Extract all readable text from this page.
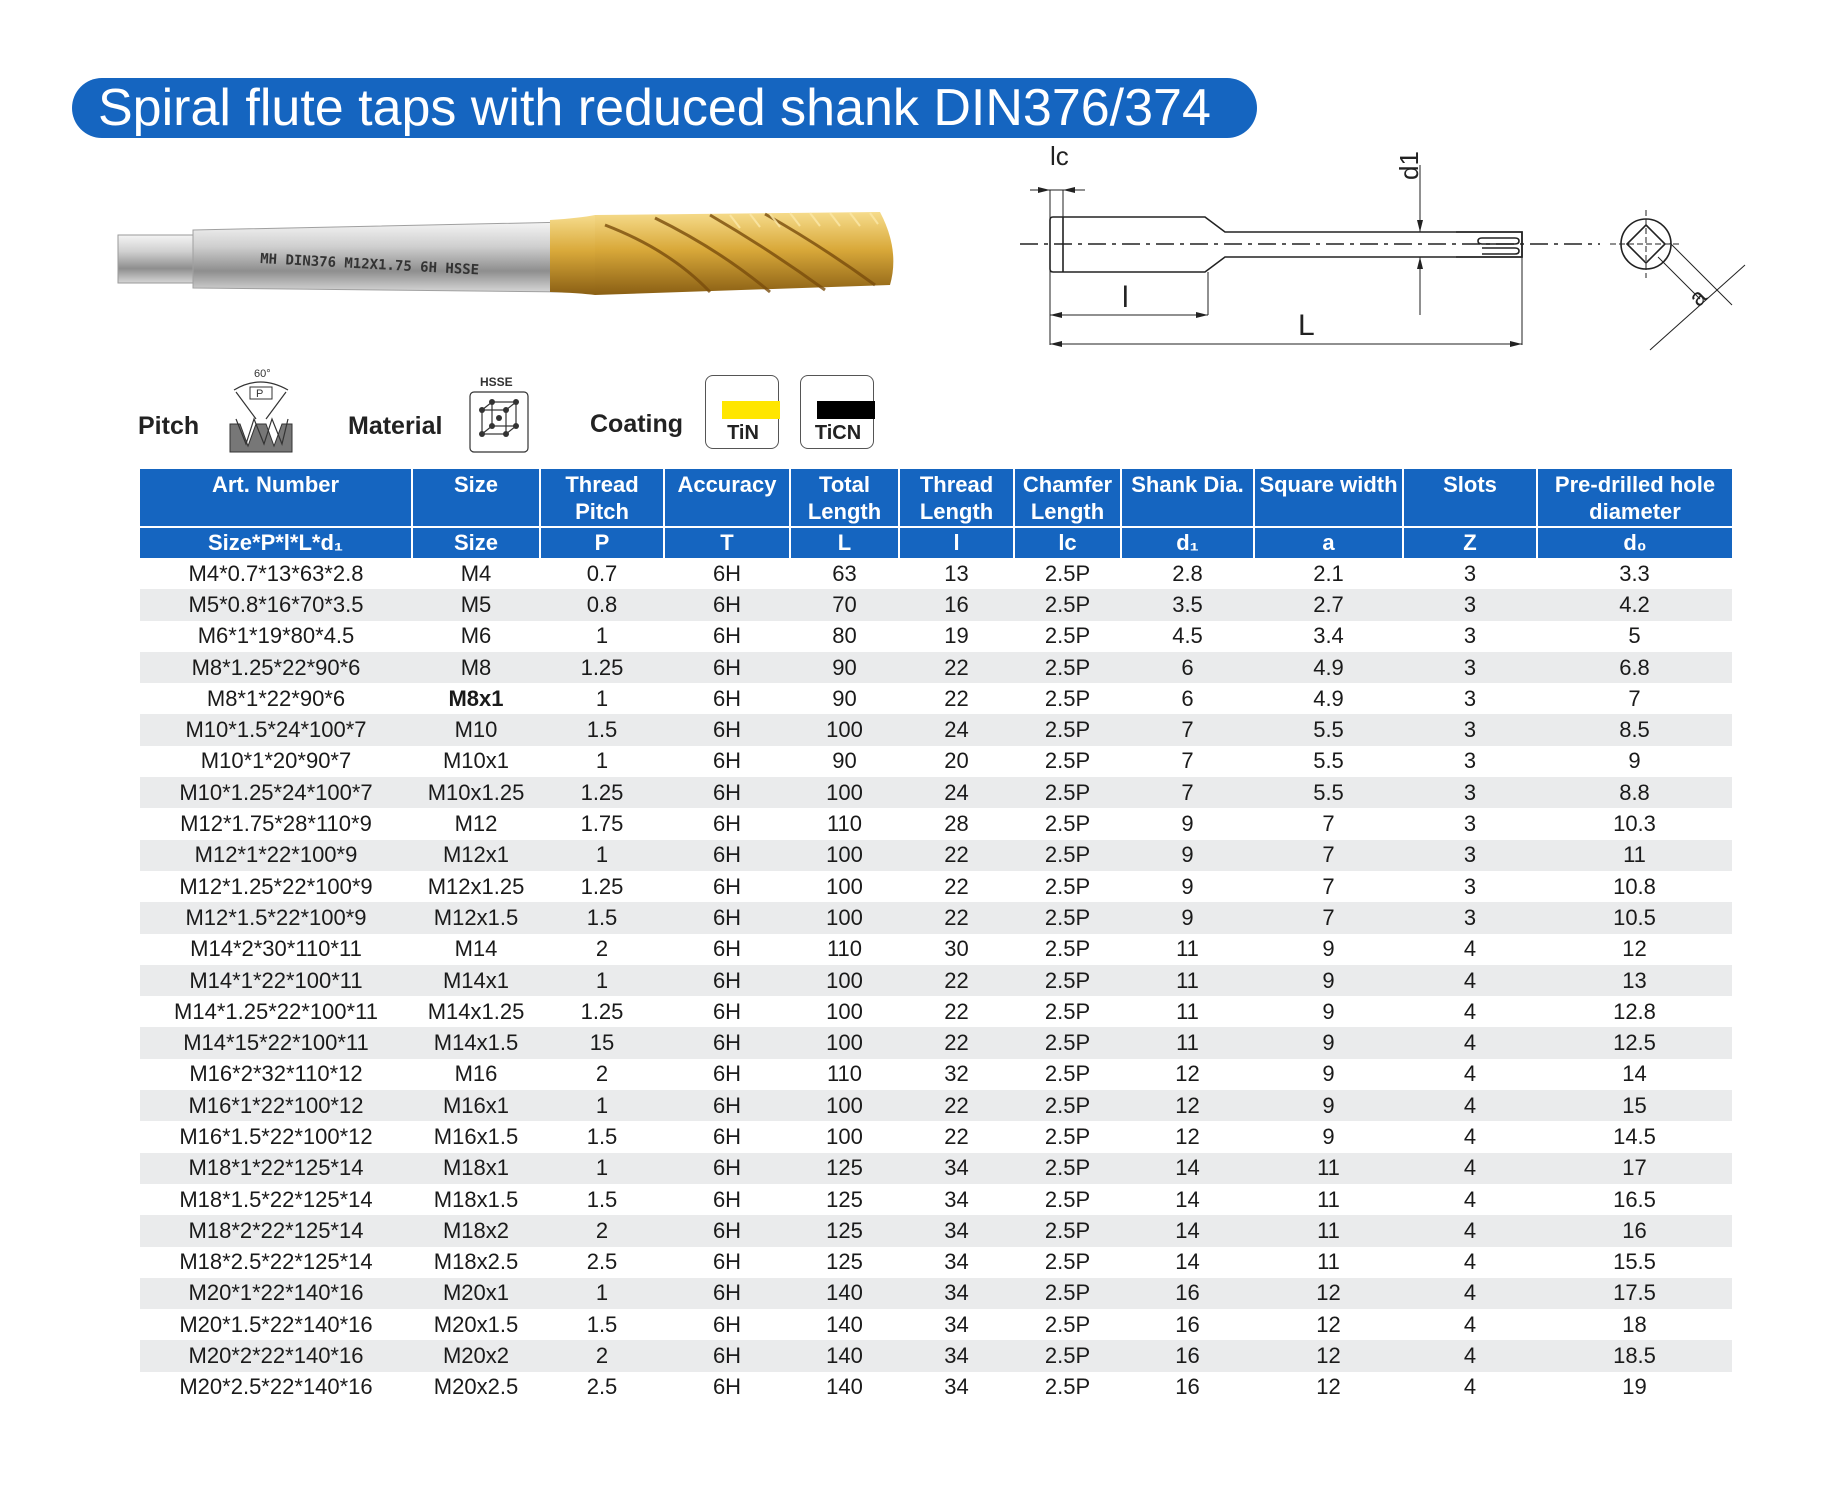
Spiral flute taps with reduced shank DIN376/374
MH DIN376 M12X1.75 6H HSSE
lc	d1
l
L
a
Pitch
60°
P
Material
HSSE
Coating	TiN	TiCN
Art. Number	Size	Thread Pitch	Accuracy	Total Length	Thread Length	Chamfer Length	Shank Dia.	Square width	Slots	Pre-drilled hole diameter
Size*P*l*L*d₁	Size	P	T	L	l	lc	d₁	a	Z	d₀
M4*0.7*13*63*2.8	M4	0.7	6H	63	13	2.5P	2.8	2.1	3	3.3
M5*0.8*16*70*3.5	M5	0.8	6H	70	16	2.5P	3.5	2.7	3	4.2
M6*1*19*80*4.5	M6	1	6H	80	19	2.5P	4.5	3.4	3	5
M8*1.25*22*90*6	M8	1.25	6H	90	22	2.5P	6	4.9	3	6.8
M8*1*22*90*6	M8x1	1	6H	90	22	2.5P	6	4.9	3	7
M10*1.5*24*100*7	M10	1.5	6H	100	24	2.5P	7	5.5	3	8.5
M10*1*20*90*7	M10x1	1	6H	90	20	2.5P	7	5.5	3	9
M10*1.25*24*100*7	M10x1.25	1.25	6H	100	24	2.5P	7	5.5	3	8.8
M12*1.75*28*110*9	M12	1.75	6H	110	28	2.5P	9	7	3	10.3
M12*1*22*100*9	M12x1	1	6H	100	22	2.5P	9	7	3	11
M12*1.25*22*100*9	M12x1.25	1.25	6H	100	22	2.5P	9	7	3	10.8
M12*1.5*22*100*9	M12x1.5	1.5	6H	100	22	2.5P	9	7	3	10.5
M14*2*30*110*11	M14	2	6H	110	30	2.5P	11	9	4	12
M14*1*22*100*11	M14x1	1	6H	100	22	2.5P	11	9	4	13
M14*1.25*22*100*11	M14x1.25	1.25	6H	100	22	2.5P	11	9	4	12.8
M14*15*22*100*11	M14x1.5	15	6H	100	22	2.5P	11	9	4	12.5
M16*2*32*110*12	M16	2	6H	110	32	2.5P	12	9	4	14
M16*1*22*100*12	M16x1	1	6H	100	22	2.5P	12	9	4	15
M16*1.5*22*100*12	M16x1.5	1.5	6H	100	22	2.5P	12	9	4	14.5
M18*1*22*125*14	M18x1	1	6H	125	34	2.5P	14	11	4	17
M18*1.5*22*125*14	M18x1.5	1.5	6H	125	34	2.5P	14	11	4	16.5
M18*2*22*125*14	M18x2	2	6H	125	34	2.5P	14	11	4	16
M18*2.5*22*125*14	M18x2.5	2.5	6H	125	34	2.5P	14	11	4	15.5
M20*1*22*140*16	M20x1	1	6H	140	34	2.5P	16	12	4	17.5
M20*1.5*22*140*16	M20x1.5	1.5	6H	140	34	2.5P	16	12	4	18
M20*2*22*140*16	M20x2	2	6H	140	34	2.5P	16	12	4	18.5
M20*2.5*22*140*16	M20x2.5	2.5	6H	140	34	2.5P	16	12	4	19
